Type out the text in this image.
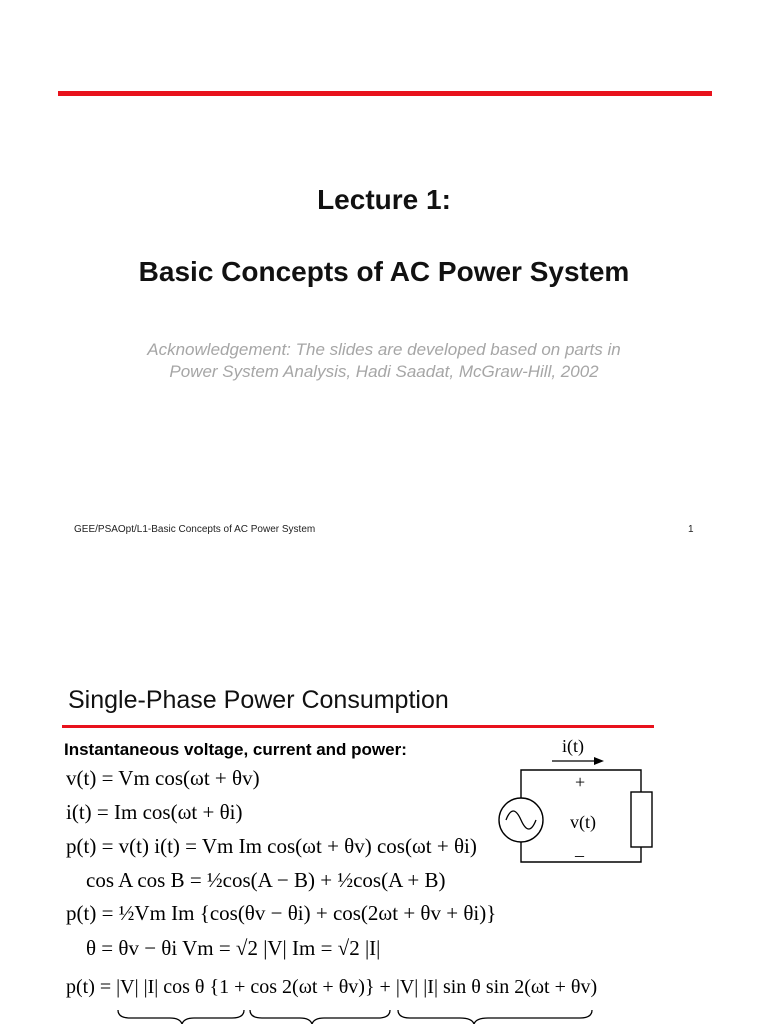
Lecture 1:
Basic Concepts of AC Power System
Acknowledgement: The slides are developed based on parts in
Power System Analysis, Hadi Saadat, McGraw-Hill, 2002
GEE/PSAOpt/L1-Basic Concepts of AC Power System	1
Single-Phase Power Consumption
Instantaneous voltage, current and power:
v(t) = Vm cos(ωt + θv)
i(t) = Im cos(ωt + θi)
p(t) = v(t) i(t) = Vm Im cos(ωt + θv) cos(ωt + θi)
cos A cos B = ½cos(A − B) + ½cos(A + B)
p(t) = ½Vm Im {cos(θv − θi) + cos(2ωt + θv + θi)}
θ = θv − θi Vm = √2 |V| Im = √2 |I|
p(t) = |V| |I| cos θ {1 + cos 2(ωt + θv)} + |V| |I| sin θ sin 2(ωt + θv)
i(t)
+
v(t)
–
